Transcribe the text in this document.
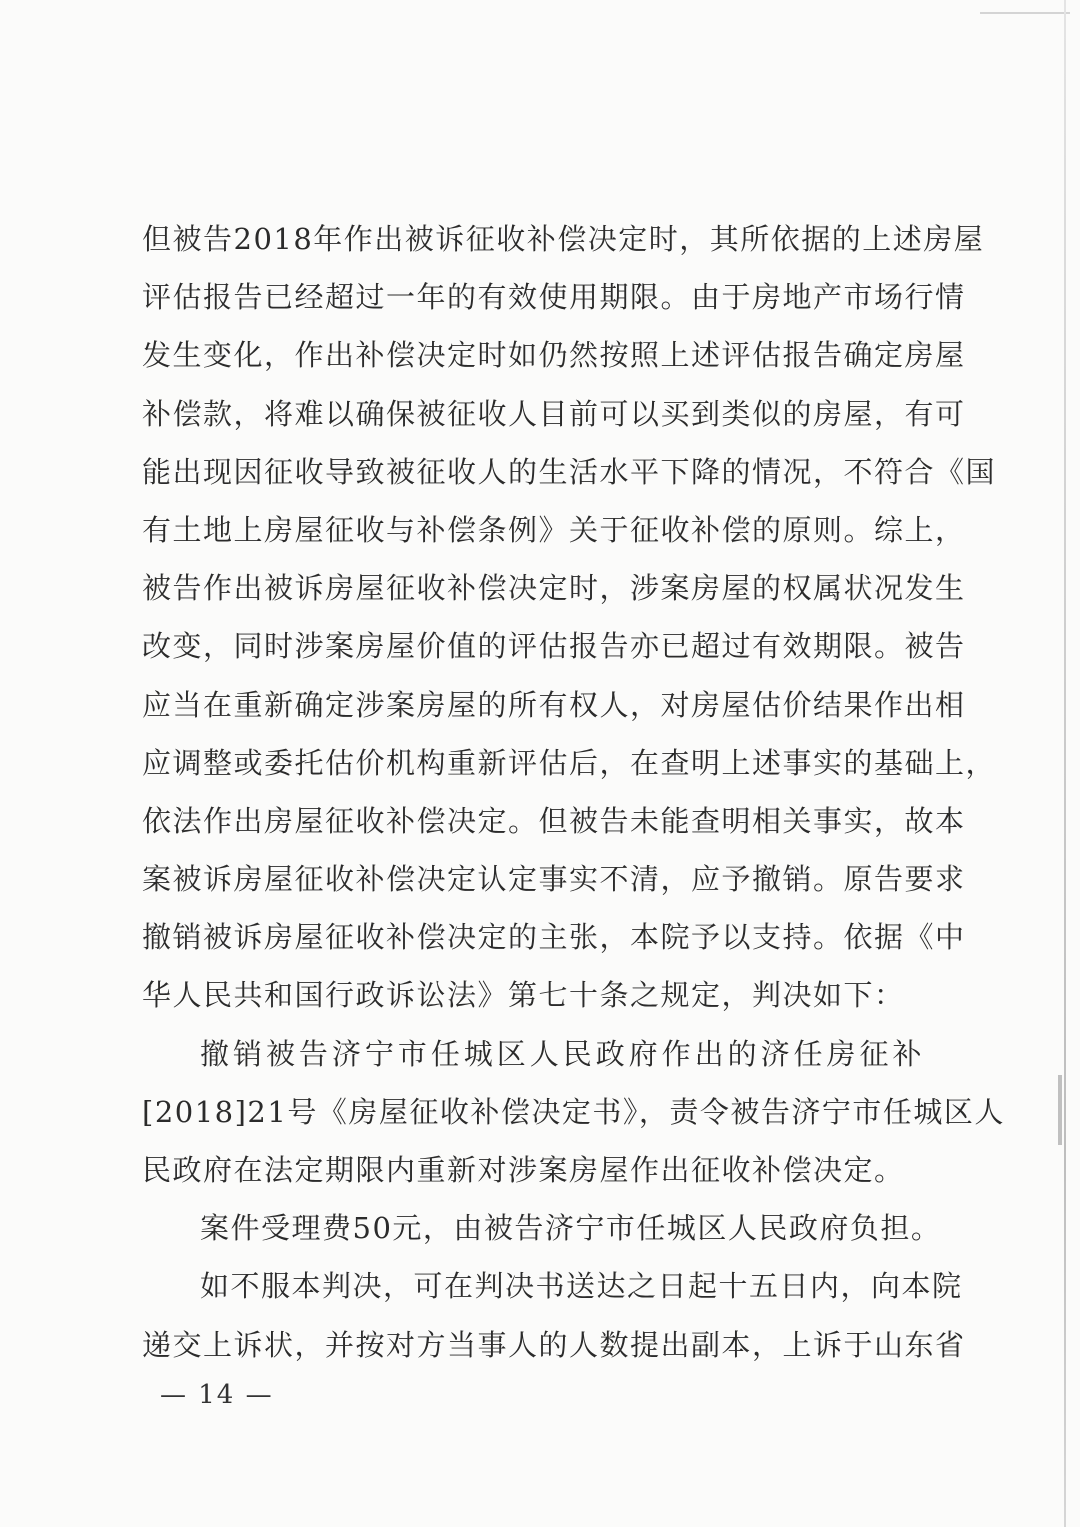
但被告2018年作出被诉征收补偿决定时，其所依据的上述房屋
评估报告已经超过一年的有效使用期限。由于房地产市场行情
发生变化，作出补偿决定时如仍然按照上述评估报告确定房屋
补偿款，将难以确保被征收人目前可以买到类似的房屋，有可
能出现因征收导致被征收人的生活水平下降的情况，不符合《国
有土地上房屋征收与补偿条例》关于征收补偿的原则。综上，
被告作出被诉房屋征收补偿决定时，涉案房屋的权属状况发生
改变，同时涉案房屋价值的评估报告亦已超过有效期限。被告
应当在重新确定涉案房屋的所有权人，对房屋估价结果作出相
应调整或委托估价机构重新评估后，在查明上述事实的基础上，
依法作出房屋征收补偿决定。但被告未能查明相关事实，故本
案被诉房屋征收补偿决定认定事实不清，应予撤销。原告要求
撤销被诉房屋征收补偿决定的主张，本院予以支持。依据《中
华人民共和国行政诉讼法》第七十条之规定，判决如下：
撤销被告济宁市任城区人民政府作出的济任房征补
[2018]21号《房屋征收补偿决定书》，责令被告济宁市任城区人
民政府在法定期限内重新对涉案房屋作出征收补偿决定。
案件受理费50元，由被告济宁市任城区人民政府负担。
如不服本判决，可在判决书送达之日起十五日内，向本院
递交上诉状，并按对方当事人的人数提出副本，上诉于山东省
— 14 —
